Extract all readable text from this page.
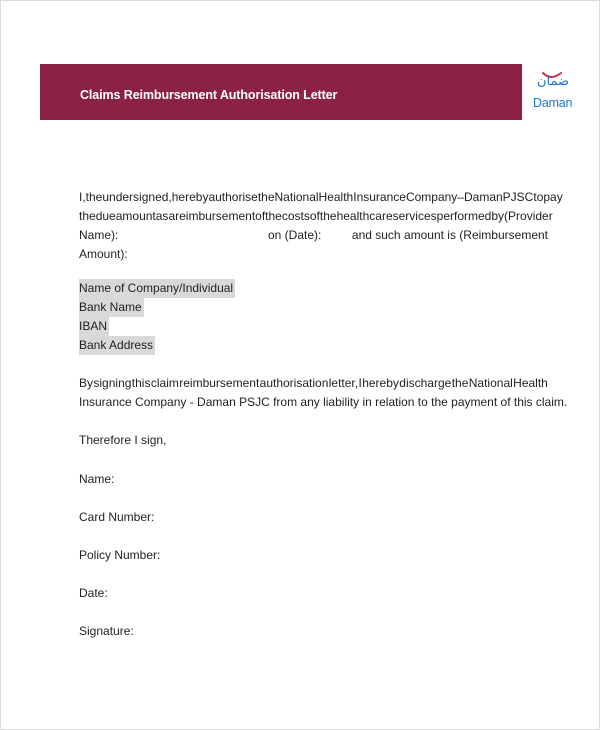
Claims Reimbursement Authorisation Letter
ضمان
Daman
I, the undersigned, hereby authorise the National Health Insurance Company – Daman PJSC to pay
the due amount as a reimbursement of the costs of the healthcare services performed by (Provider
Name):	on (Date):	and such amount is (Reimbursement
Amount):
Name of Company/Individual
Bank Name
IBAN
Bank Address
By signing this claim reimbursement authorisation letter, I hereby discharge the National Health
Insurance Company - Daman PSJC from any liability in relation to the payment of this claim.
Therefore I sign,
Name:
Card Number:
Policy Number:
Date:
Signature:
